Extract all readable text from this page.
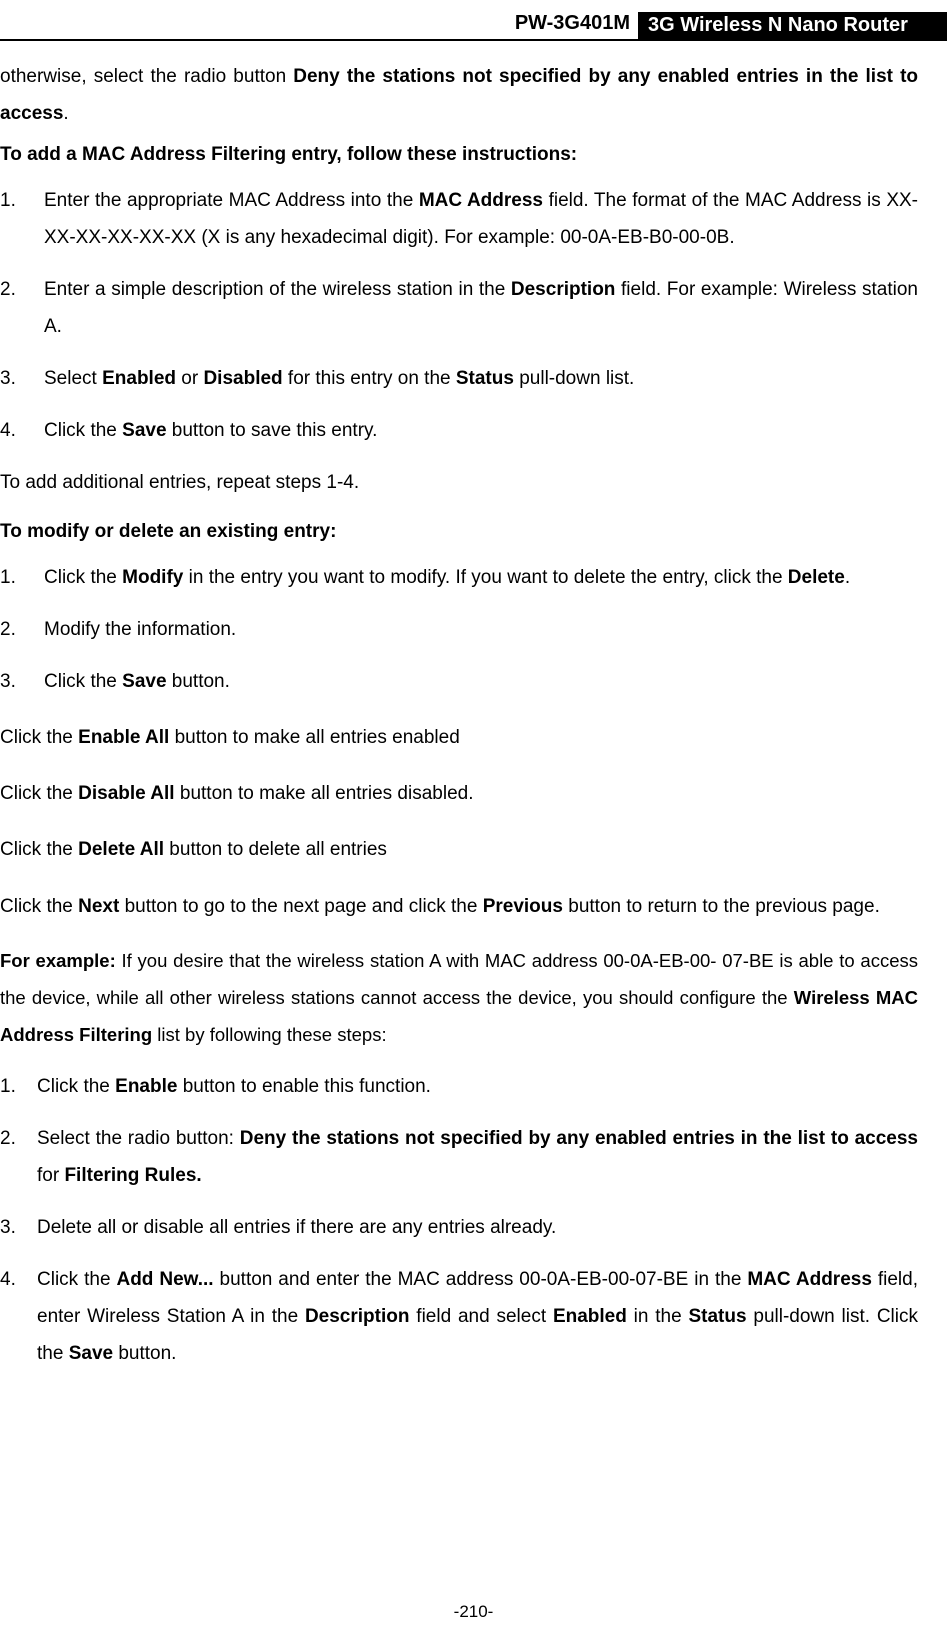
PW-3G401M 3G Wireless N Nano Router

otherwise, select the radio button Deny the stations not specified by any enabled entries in the list to access.

To add a MAC Address Filtering entry, follow these instructions:

1. Enter the appropriate MAC Address into the MAC Address field. The format of the MAC Address is XX-XX-XX-XX-XX-XX (X is any hexadecimal digit). For example: 00-0A-EB-B0-00-0B.
2. Enter a simple description of the wireless station in the Description field. For example: Wireless station A.
3. Select Enabled or Disabled for this entry on the Status pull-down list.
4. Click the Save button to save this entry.

To add additional entries, repeat steps 1-4.

To modify or delete an existing entry:

1. Click the Modify in the entry you want to modify. If you want to delete the entry, click the Delete.
2. Modify the information.
3. Click the Save button.

Click the Enable All button to make all entries enabled

Click the Disable All button to make all entries disabled.

Click the Delete All button to delete all entries

Click the Next button to go to the next page and click the Previous button to return to the previous page.

For example: If you desire that the wireless station A with MAC address 00-0A-EB-00- 07-BE is able to access the device, while all other wireless stations cannot access the device, you should configure the Wireless MAC Address Filtering list by following these steps:

1. Click the Enable button to enable this function.
2. Select the radio button: Deny the stations not specified by any enabled entries in the list to access for Filtering Rules.
3. Delete all or disable all entries if there are any entries already.
4. Click the Add New... button and enter the MAC address 00-0A-EB-00-07-BE in the MAC Address field, enter Wireless Station A in the Description field and select Enabled in the Status pull-down list. Click the Save button.
-210-
